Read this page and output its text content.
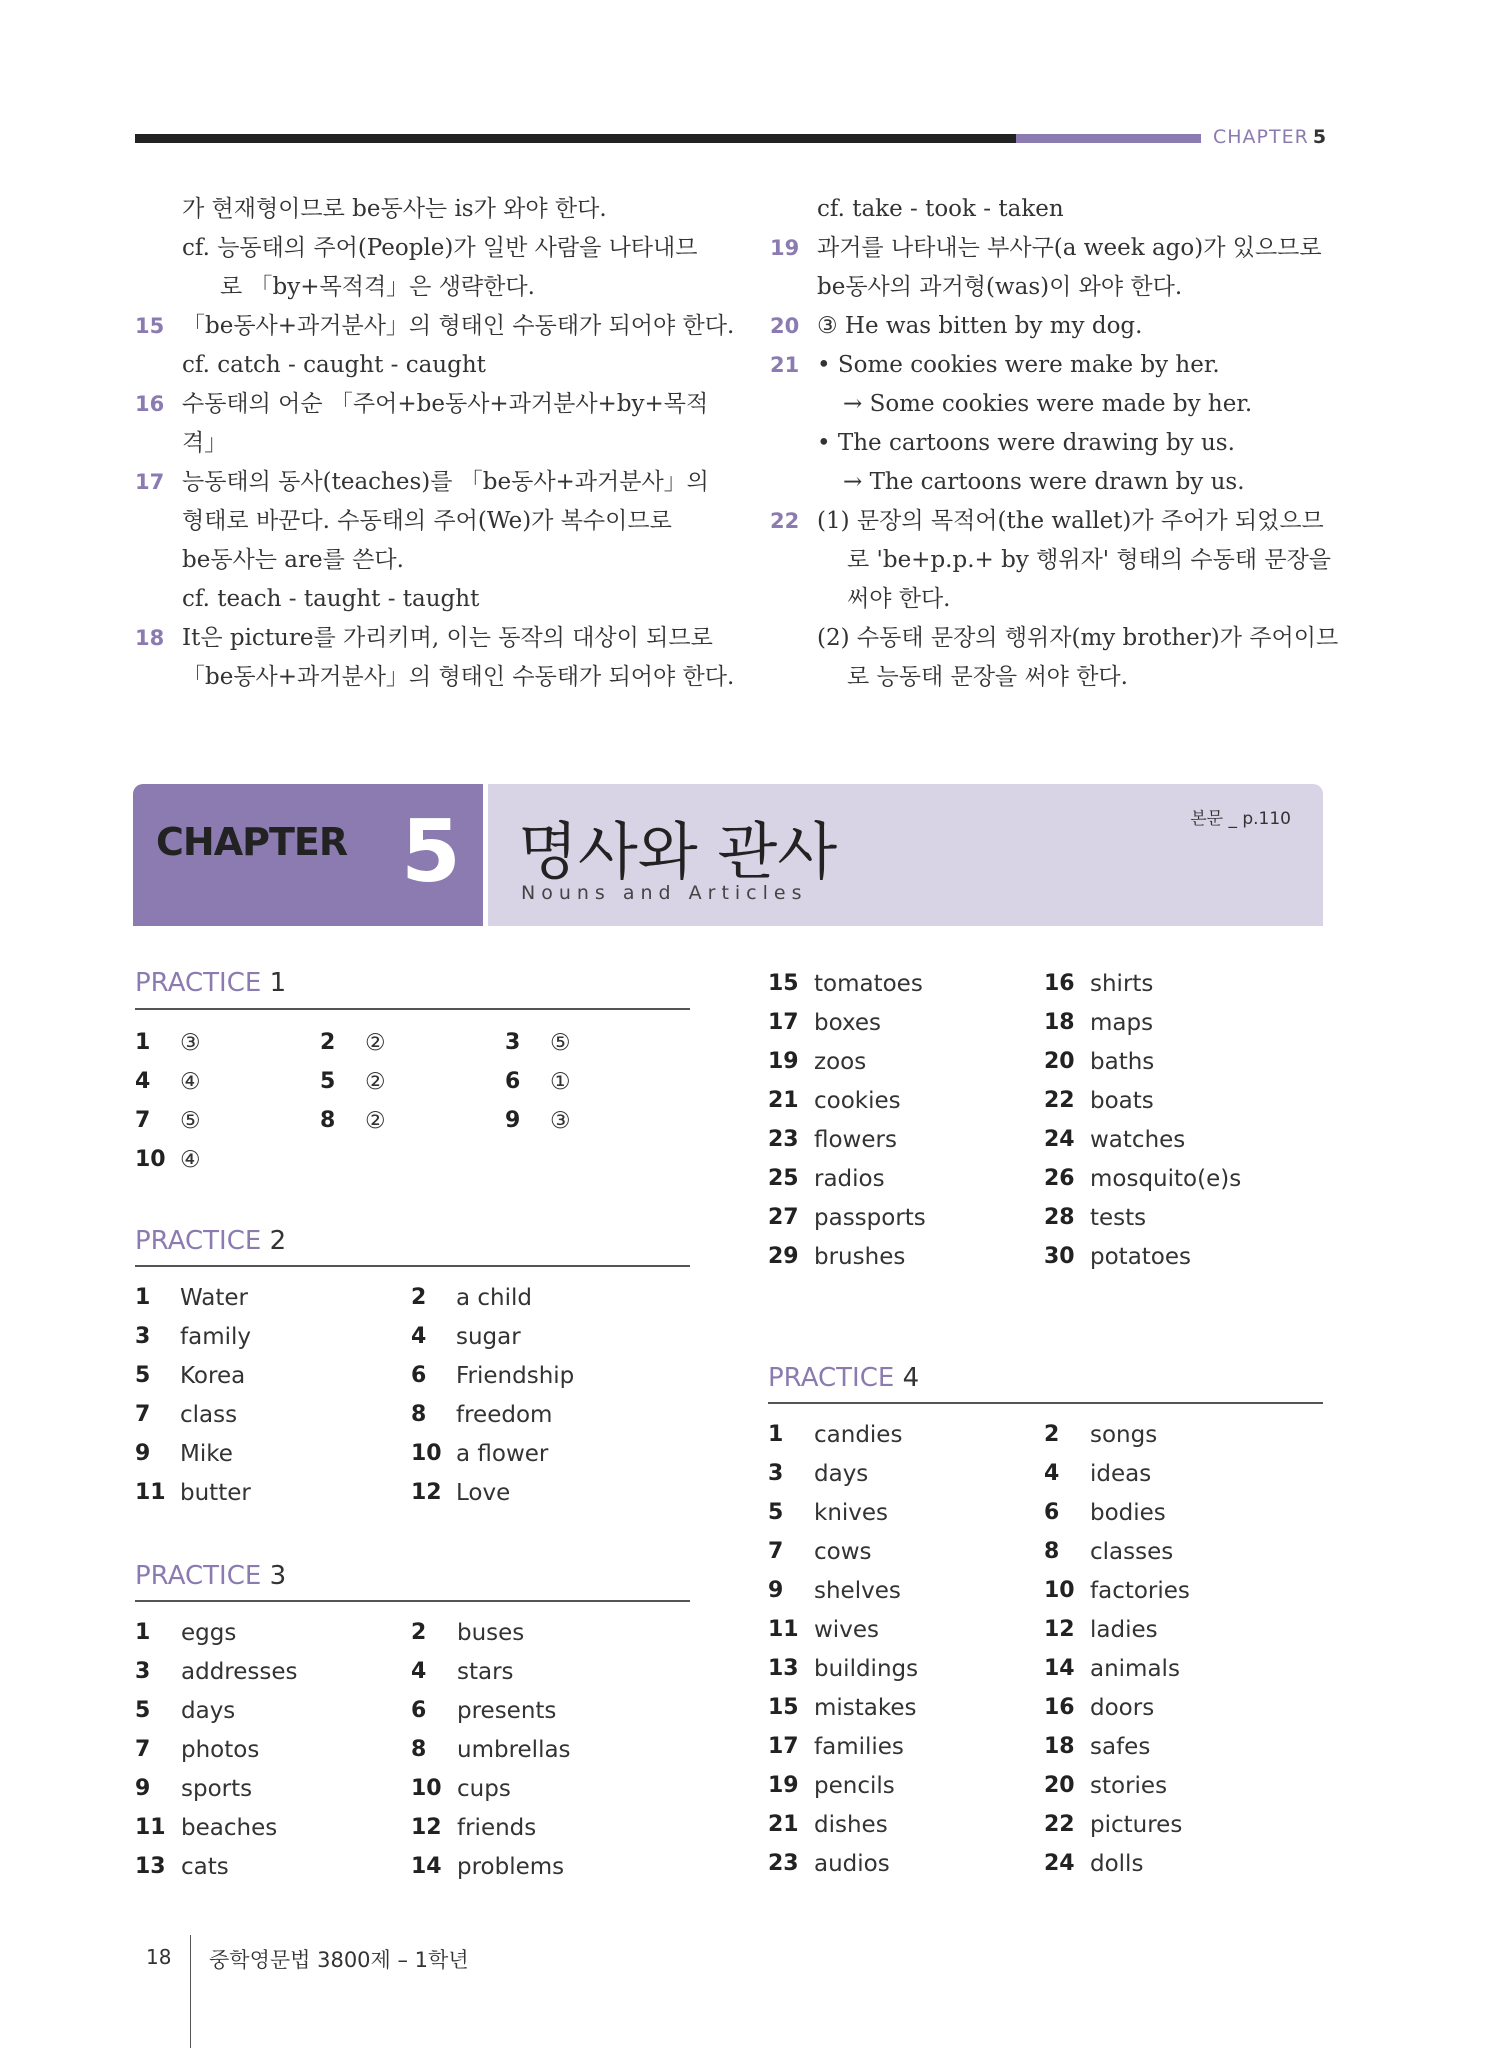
CHAPTER 5
가 현재형이므로 be동사는 is가 와야 한다.
cf. 능동태의 주어(People)가 일반 사람을 나타내므
로 「by+목적격」은 생략한다.
15 「be동사+과거분사」의 형태인 수동태가 되어야 한다.
cf. catch - caught - caught
16 수동태의 어순 「주어+be동사+과거분사+by+목적
격」
17 능동태의 동사(teaches)를 「be동사+과거분사」의
형태로 바꾼다. 수동태의 주어(We)가 복수이므로
be동사는 are를 쓴다.
cf. teach - taught - taught
18 It은 picture를 가리키며, 이는 동작의 대상이 되므로
「be동사+과거분사」의 형태인 수동태가 되어야 한다.
cf. take - took - taken
19 과거를 나타내는 부사구(a week ago)가 있으므로
be동사의 과거형(was)이 와야 한다.
20 ③ He was bitten by my dog.
21 • Some cookies were make by her.
→ Some cookies were made by her.
• The cartoons were drawing by us.
→ The cartoons were drawn by us.
22 (1) 문장의 목적어(the wallet)가 주어가 되었으므
로 'be+p.p.+ by 행위자' 형태의 수동태 문장을
써야 한다.
(2) 수동태 문장의 행위자(my brother)가 주어이므
로 능동태 문장을 써야 한다.
CHAPTER 5 명사와 관사
Nouns and Articles
본문 _ p.110
PRACTICE 1
1 ③	2 ②	3 ⑤
4 ④	5 ②	6 ①
7 ⑤	8 ②	9 ③
10 ④
PRACTICE 2
1 Water	2 a child
3 family	4 sugar
5 Korea	6 Friendship
7 class	8 freedom
9 Mike	10 a flower
11 butter	12 Love
PRACTICE 3
1 eggs	2 buses
3 addresses	4 stars
5 days	6 presents
7 photos	8 umbrellas
9 sports	10 cups
11 beaches	12 friends
13 cats	14 problems
15 tomatoes	16 shirts
17 boxes	18 maps
19 zoos	20 baths
21 cookies	22 boats
23 flowers	24 watches
25 radios	26 mosquito(e)s
27 passports	28 tests
29 brushes	30 potatoes
PRACTICE 4
1 candies	2 songs
3 days	4 ideas
5 knives	6 bodies
7 cows	8 classes
9 shelves	10 factories
11 wives	12 ladies
13 buildings	14 animals
15 mistakes	16 doors
17 families	18 safes
19 pencils	20 stories
21 dishes	22 pictures
23 audios	24 dolls
18 중학영문법 3800제 – 1학년
